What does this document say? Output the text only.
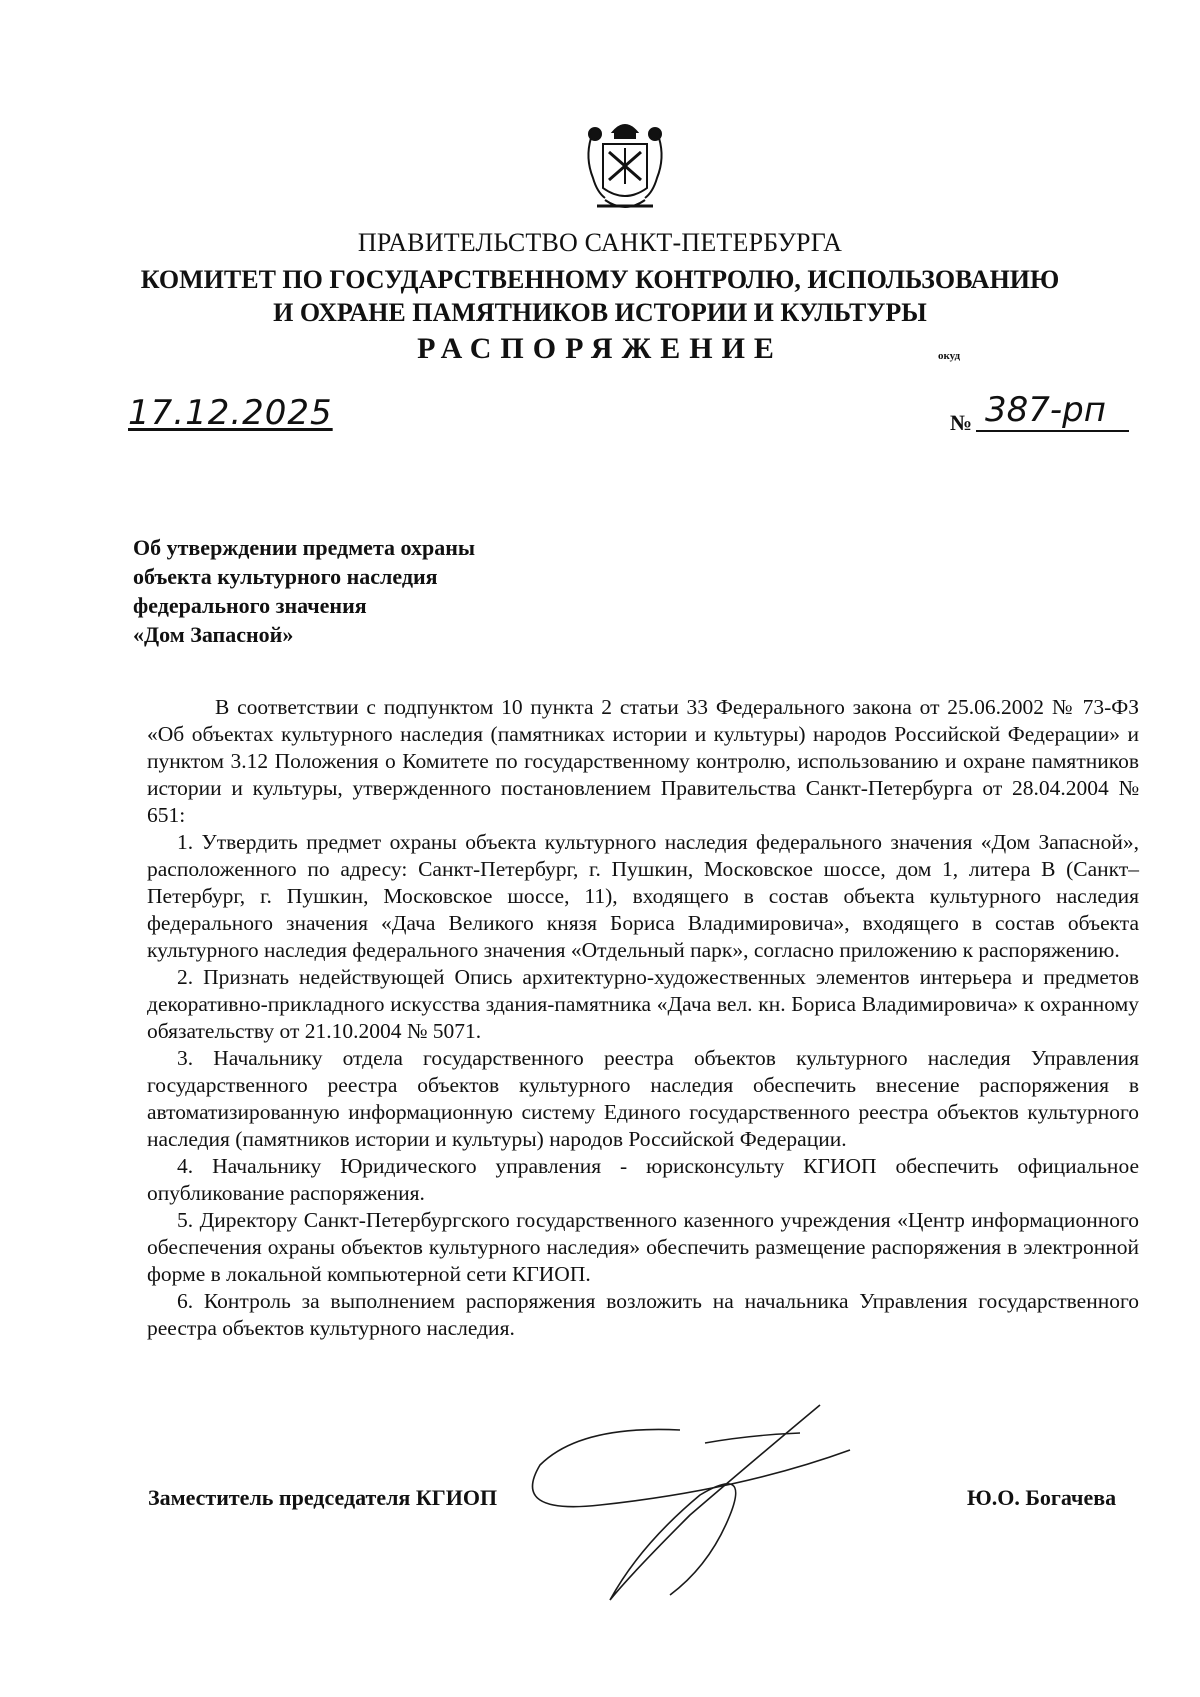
ПРАВИТЕЛЬСТВО САНКТ-ПЕТЕРБУРГА
КОМИТЕТ ПО ГОСУДАРСТВЕННОМУ КОНТРОЛЮ, ИСПОЛЬЗОВАНИЮ
И ОХРАНЕ ПАМЯТНИКОВ ИСТОРИИ И КУЛЬТУРЫ
РАСПОРЯЖЕНИЕ	окуд
17.12.2025	№ 387-рп
Об утверждении предмета охраны
объекта культурного наследия
федерального значения
«Дом Запасной»

В соответствии с подпунктом 10 пункта 2 статьи 33 Федерального закона от 25.06.2002 № 73-ФЗ «Об объектах культурного наследия (памятниках истории и культуры) народов Российской Федерации» и пунктом 3.12 Положения о Комитете по государственному контролю, использованию и охране памятников истории и культуры, утвержденного постановлением Правительства Санкт-Петербурга от 28.04.2004 № 651:

1. Утвердить предмет охраны объекта культурного наследия федерального значения «Дом Запасной», расположенного по адресу: Санкт-Петербург, г. Пушкин, Московское шоссе, дом 1, литера В (Санкт–Петербург, г. Пушкин, Московское шоссе, 11), входящего в состав объекта культурного наследия федерального значения «Дача Великого князя Бориса Владимировича», входящего в состав объекта культурного наследия федерального значения «Отдельный парк», согласно приложению к распоряжению.

2. Признать недействующей Опись архитектурно-художественных элементов интерьера и предметов декоративно-прикладного искусства здания-памятника «Дача вел. кн. Бориса Владимировича» к охранному обязательству от 21.10.2004 № 5071.

3. Начальнику отдела государственного реестра объектов культурного наследия Управления государственного реестра объектов культурного наследия обеспечить внесение распоряжения в автоматизированную информационную систему Единого государственного реестра объектов культурного наследия (памятников истории и культуры) народов Российской Федерации.

4. Начальнику Юридического управления - юрисконсульту КГИОП обеспечить официальное опубликование распоряжения.

5. Директору Санкт-Петербургского государственного казенного учреждения «Центр информационного обеспечения охраны объектов культурного наследия» обеспечить размещение распоряжения в электронной форме в локальной компьютерной сети КГИОП.

6. Контроль за выполнением распоряжения возложить на начальника Управления государственного реестра объектов культурного наследия.

Заместитель председателя КГИОП	Ю.О. Богачева
